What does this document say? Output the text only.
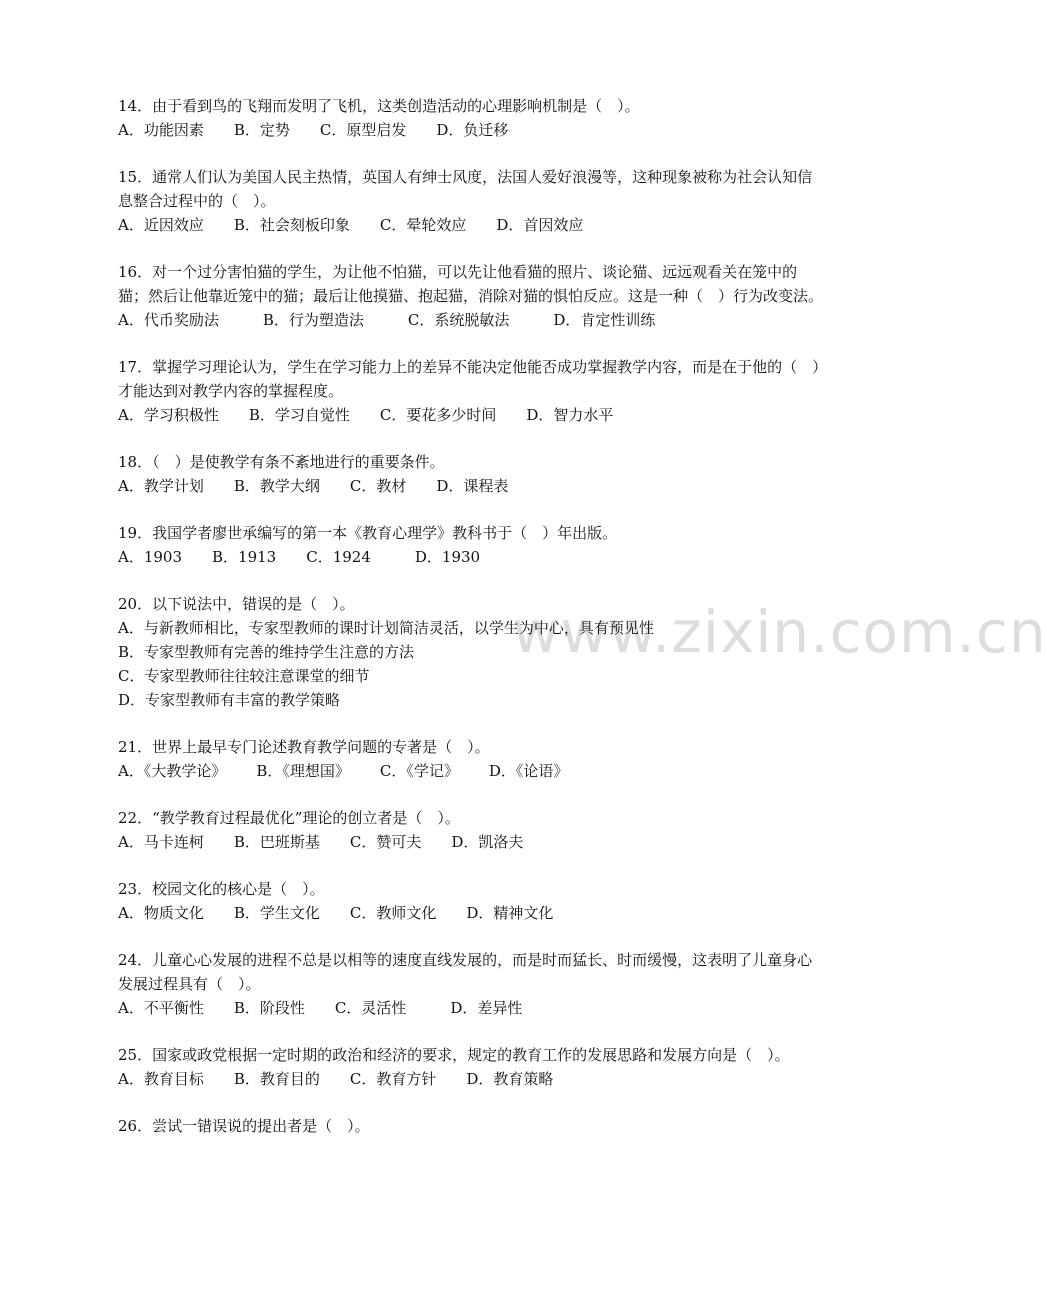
www.zixin.com.cn

14．由于看到鸟的飞翔而发明了飞机，这类创造活动的心理影响机制是（　）。

A．功能因素 B．定势 C．原型启发 D．负迁移

15．通常人们认为美国人民主热情，英国人有绅士风度，法国人爱好浪漫等，这种现象被称为社会认知信息整合过程中的（　）。

A．近因效应 B．社会刻板印象 C．晕轮效应 D．首因效应

16．对一个过分害怕猫的学生，为让他不怕猫，可以先让他看猫的照片、谈论猫、远远观看关在笼中的猫；然后让他靠近笼中的猫；最后让他摸猫、抱起猫，消除对猫的惧怕反应。这是一种（　）行为改变法。

A．代币奖励法	B．行为塑造法	C．系统脱敏法	D．肯定性训练

17．掌握学习理论认为，学生在学习能力上的差异不能决定他能否成功掌握教学内容，而是在于他的（　）才能达到对教学内容的掌握程度。

A．学习积极性 B．学习自觉性 C．要花多少时间 D．智力水平

18．（　）是使教学有条不紊地进行的重要条件。

A．教学计划 B．教学大纲 C．教材 D．课程表

19．我国学者廖世承编写的第一本《教育心理学》教科书于（　）年出版。

A．1903 B．1913 C．1924	D．1930

20．以下说法中，错误的是（　）。

A．与新教师相比，专家型教师的课时计划简洁灵活，以学生为中心，具有预见性
B．专家型教师有完善的维持学生注意的方法
C．专家型教师往往较注意课堂的细节
D．专家型教师有丰富的教学策略

21．世界上最早专门论述教育教学问题的专著是（　）。

A．《大教学论》 B．《理想国》 C．《学记》 D．《论语》

22．“教学教育过程最优化”理论的创立者是（　）。

A．马卡连柯 B．巴班斯基 C．赞可夫 D．凯洛夫

23．校园文化的核心是（　）。

A．物质文化 B．学生文化 C．教师文化 D．精神文化

24．儿童心心发展的进程不总是以相等的速度直线发展的，而是时而猛长、时而缓慢，这表明了儿童身心发展过程具有（　）。

A．不平衡性 B．阶段性 C．灵活性	D．差异性

25．国家或政党根据一定时期的政治和经济的要求，规定的教育工作的发展思路和发展方向是（　）。

A．教育目标 B．教育目的 C．教育方针 D．教育策略

26．尝试一错误说的提出者是（　）。
